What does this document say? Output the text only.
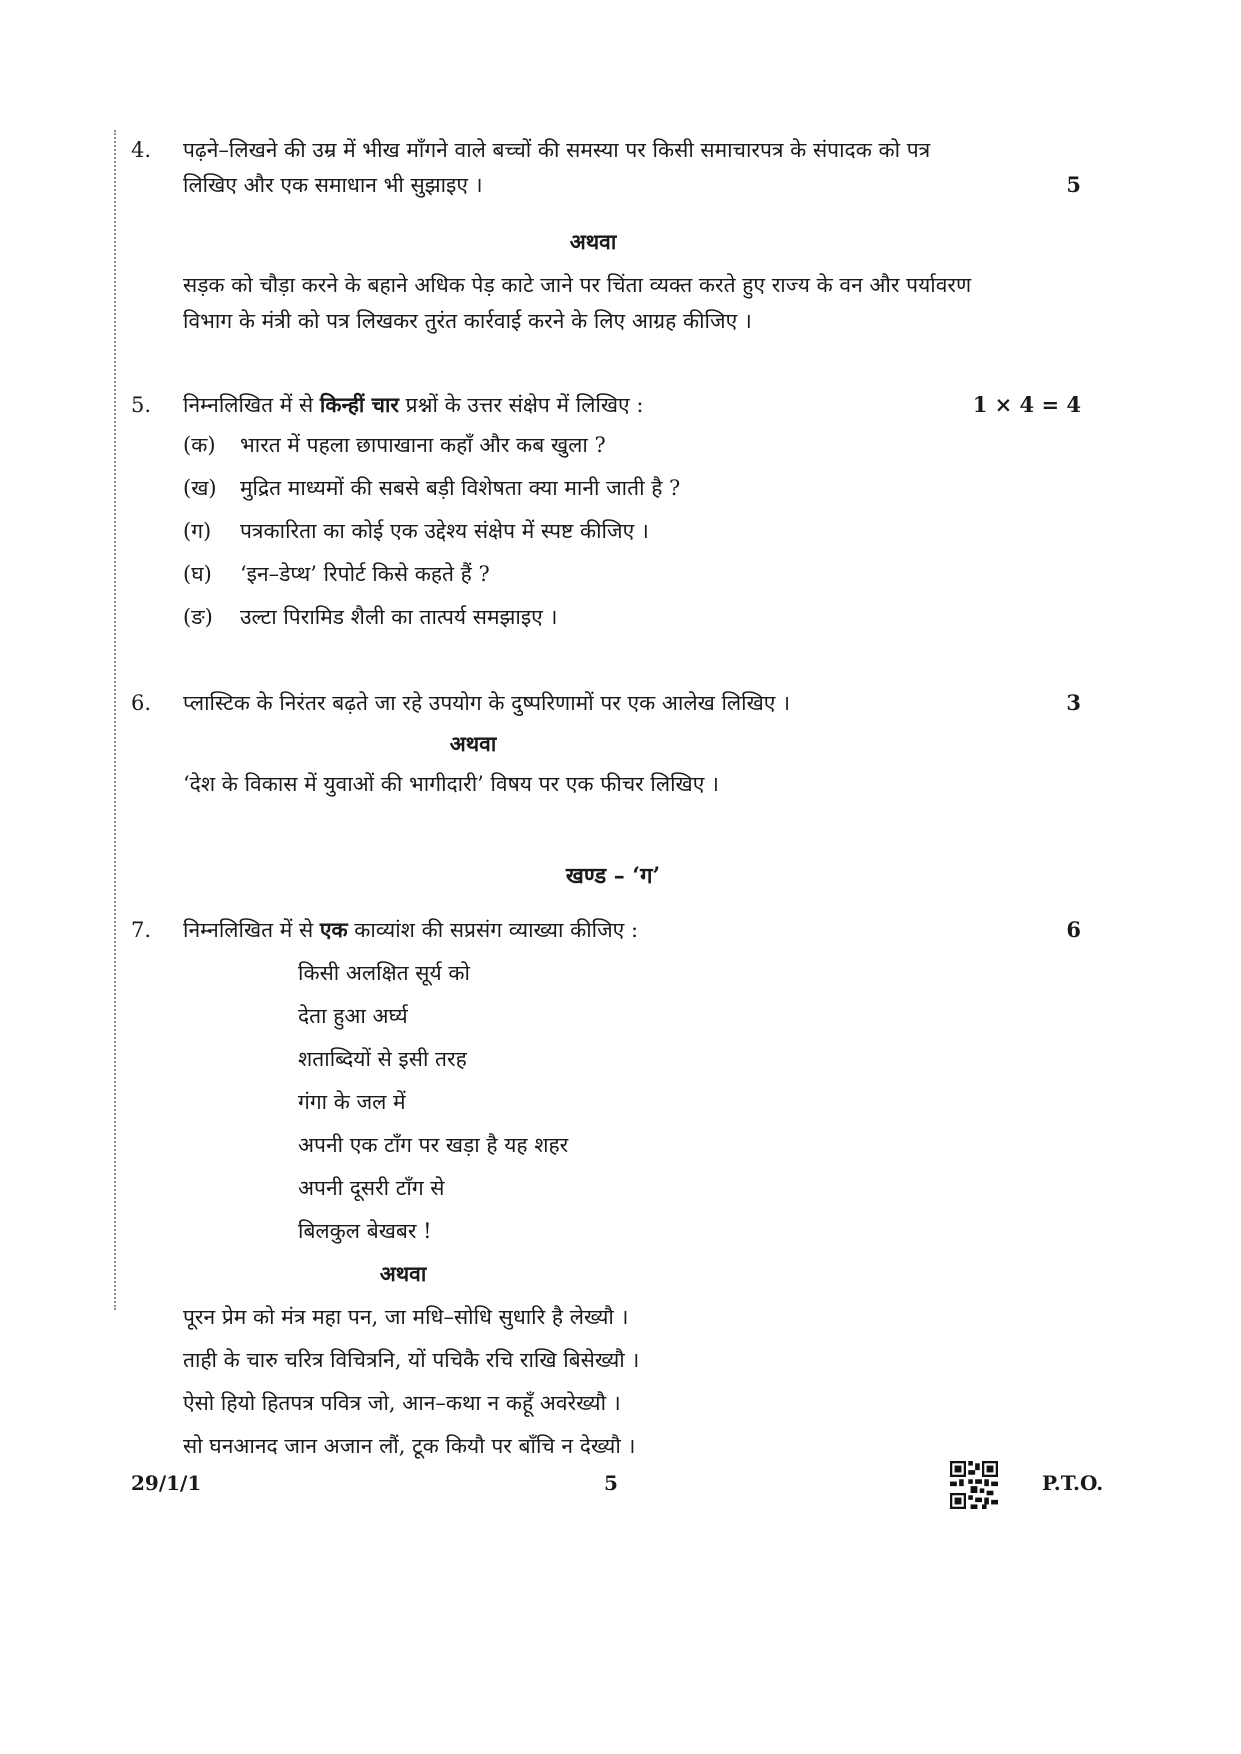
4. पढ़ने–लिखने की उम्र में भीख माँगने वाले बच्चों की समस्या पर किसी समाचारपत्र के संपादक को पत्र
लिखिए और एक समाधान भी सुझाइए ।	5
अथवा
सड़क को चौड़ा करने के बहाने अधिक पेड़ काटे जाने पर चिंता व्यक्त करते हुए राज्य के वन और पर्यावरण
विभाग के मंत्री को पत्र लिखकर तुरंत कार्रवाई करने के लिए आग्रह कीजिए ।
5. निम्नलिखित में से किन्हीं चार प्रश्नों के उत्तर संक्षेप में लिखिए :	1 × 4 = 4
(क)	भारत में पहला छापाखाना कहाँ और कब खुला ?
(ख)	मुद्रित माध्यमों की सबसे बड़ी विशेषता क्या मानी जाती है ?
(ग)	पत्रकारिता का कोई एक उद्देश्य संक्षेप में स्पष्ट कीजिए ।
(घ)	‘इन–डेप्थ’ रिपोर्ट किसे कहते हैं ?
(ङ)	उल्टा पिरामिड शैली का तात्पर्य समझाइए ।
6. प्लास्टिक के निरंतर बढ़ते जा रहे उपयोग के दुष्परिणामों पर एक आलेख लिखिए ।	3
अथवा
‘देश के विकास में युवाओं की भागीदारी’ विषय पर एक फीचर लिखिए ।
खण्ड – ‘ग’
7. निम्नलिखित में से एक काव्यांश की सप्रसंग व्याख्या कीजिए :	6
किसी अलक्षित सूर्य को
देता हुआ अर्घ्य
शताब्दियों से इसी तरह
गंगा के जल में
अपनी एक टाँग पर खड़ा है यह शहर
अपनी दूसरी टाँग से
बिलकुल बेखबर !
अथवा
पूरन प्रेम को मंत्र महा पन, जा मधि–सोधि सुधारि है लेख्यौ ।
ताही के चारु चरित्र विचित्रनि, यों पचिकै रचि राखि बिसेख्यौ ।
ऐसो हियो हितपत्र पवित्र जो, आन–कथा न कहूँ अवरेख्यौ ।
सो घनआनद जान अजान लौं, टूक कियौ पर बाँचि न देख्यौ ।
29/1/1	5	P.T.O.
